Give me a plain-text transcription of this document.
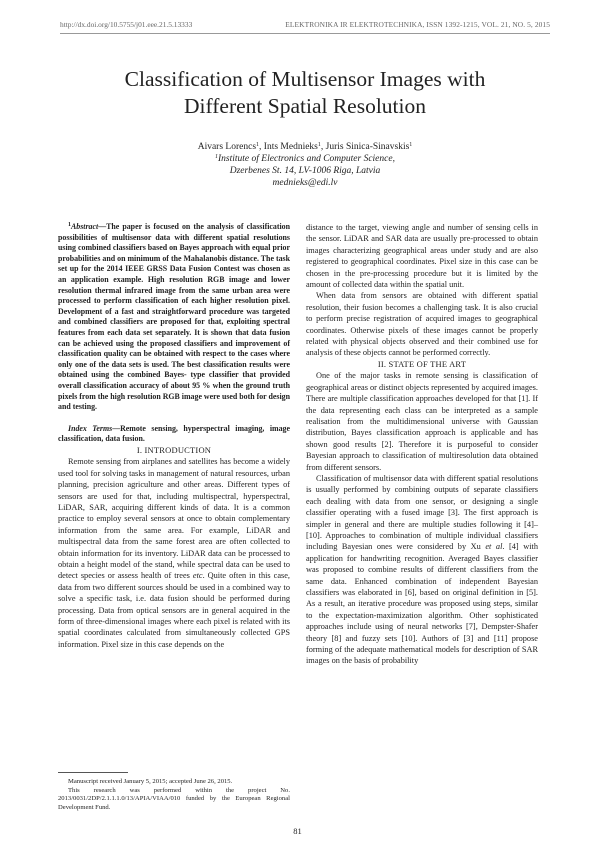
http://dx.doi.org/10.5755/j01.eee.21.5.13333	ELEKTRONIKA IR ELEKTROTECHNIKA, ISSN 1392-1215, VOL. 21, NO. 5, 2015
Classification of Multisensor Images with
Different Spatial Resolution
Aivars Lorencs$^1$, Ints Mednieks$^1$, Juris Sinica-Sinavskis$^1$
$^1$Institute of Electronics and Computer Science,
Dzerbenes St. 14, LV-1006 Riga, Latvia
mednieks@edi.lv

$^1$Abstract—The paper is focused on the analysis of classification possibilities of multisensor data with different spatial resolutions using combined classifiers based on Bayes approach with equal prior probabilities and on minimum of the Mahalanobis distance. The task set up for the 2014 IEEE GRSS Data Fusion Contest was chosen as an application example. High resolution RGB image and lower resolution thermal infrared image from the same urban area were processed to perform classification of each higher resolution pixel. Development of a fast and straightforward procedure was targeted and combined classifiers are proposed for that, exploiting spectral features from each data set separately. It is shown that data fusion can be achieved using the proposed classifiers and improvement of classification quality can be obtained with respect to the cases where only one of the data sets is used. The best classification results were obtained using the combined Bayes- type classifier that provided overall classification accuracy of about 95 % when the ground truth pixels from the high resolution RGB image were used both for design and testing.

Index Terms—Remote sensing, hyperspectral imaging, image classification, data fusion.

I. INTRODUCTION

Remote sensing from airplanes and satellites has become a widely used tool for solving tasks in management of natural resources, urban planning, precision agriculture and other areas. Different types of sensors are used for that, including multispectral, hyperspectral, LiDAR, SAR, acquiring different kinds of data. It is a common practice to employ several sensors at once to obtain complementary information from the same area. For example, LiDAR and multispectral data from the same forest area are often collected to obtain information for its inventory. LiDAR data can be processed to obtain a height model of the stand, while spectral data can be used to detect species or assess health of trees etc. Quite often in this case, data from two different sources should be used in a combined way to solve a specific task, i.e. data fusion should be performed during processing. Data from optical sensors are in general acquired in the form of three-dimensional images where each pixel is related with its spatial coordinates calculated from simultaneously collected GPS information. Pixel size in this case depends on the

distance to the target, viewing angle and number of sensing cells in the sensor. LiDAR and SAR data are usually pre-processed to obtain images characterizing geographical areas under study and are also registered to geographical coordinates. Pixel size in this case can be chosen in the pre-processing procedure but it is limited by the amount of collected data within the spatial unit.

When data from sensors are obtained with different spatial resolution, their fusion becomes a challenging task. It is also crucial to perform precise registration of acquired images to geographical coordinates. Otherwise pixels of these images cannot be properly related with physical objects observed and their combined use for analysis of these objects cannot be performed correctly.

II. STATE OF THE ART

One of the major tasks in remote sensing is classification of geographical areas or distinct objects represented by acquired images. There are multiple classification approaches developed for that [1]. If the data representing each class can be interpreted as a sample realisation from the multidimensional universe with Gaussian distribution, Bayes classification approach is applicable and has shown good results [2]. Therefore it is purposeful to consider Bayesian approach to classification of multiresolution data obtained from different sensors.

Classification of multisensor data with different spatial resolutions is usually performed by combining outputs of separate classifiers each dealing with data from one sensor, or designing a single classifier operating with a fused image [3]. The first approach is simpler in general and there are multiple studies following it [4]–[10]. Approaches to combination of multiple individual classifiers including Bayesian ones were considered by Xu et al. [4] with application for handwriting recognition. Averaged Bayes classifier was proposed to combine results of different classifiers from the same data. Enhanced combination of independent Bayesian classifiers was elaborated in [6], based on original definition in [5]. As a result, an iterative procedure was proposed using steps, similar to the expectation-maximization algorithm. Other sophisticated approaches include using of neural networks [7], Dempster-Shafer theory [8] and fuzzy sets [10]. Authors of [3] and [11] propose forming of the adequate mathematical models for description of SAR images on the basis of probability

Manuscript received January 5, 2015; accepted June 26, 2015.

This research was performed within the project No. 2013/0031/2DP/2.1.1.1.0/13/APIA/VIAA/010 funded by the European Regional Development Fund.

81
